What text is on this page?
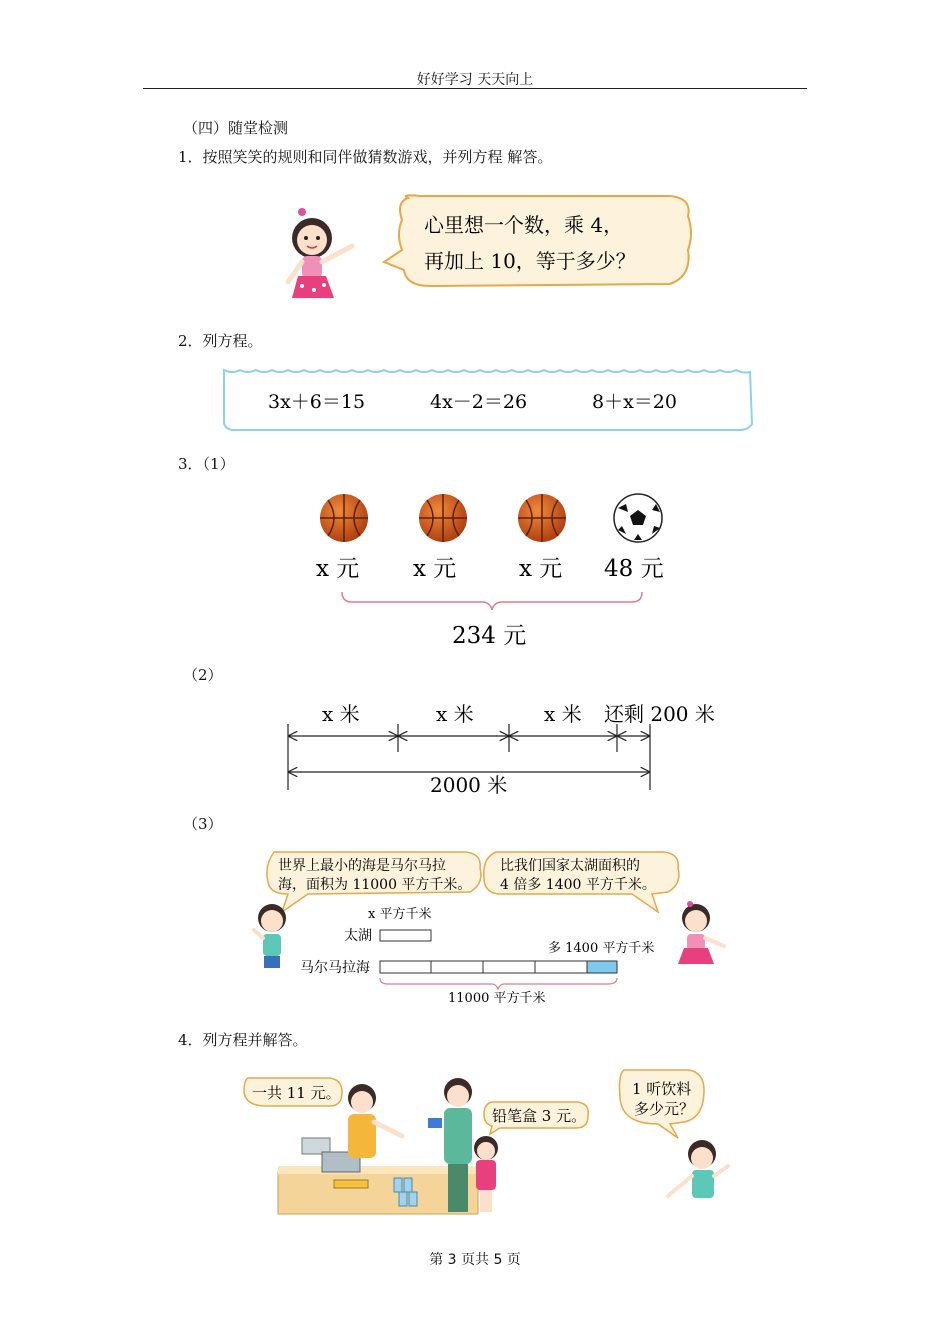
好好学习 天天向上
（四）随堂检测
1．按照笑笑的规则和同伴做猜数游戏，并列方程 解答。
心里想一个数，乘 4，
再加上 10，等于多少？
2．列方程。
3x＋6＝15	4x－2＝26	8＋x＝20
3．（1）
x 元 x 元	x 元 48 元
234 元
（2）
x 米	x 米	x 米 还剩 200 米
2000 米
（3）
世界上最小的海是马尔马拉
海，面积为 11000 平方千米。
比我们国家太湖面积的
4 倍多 1400 平方千米。
x 平方千米
太湖
多 1400 平方千米
马尔马拉海
11000 平方千米
4．列方程并解答。
一共 11 元。
铅笔盒 3 元。
1 听饮料
多少元？
第 3 页共 5 页
